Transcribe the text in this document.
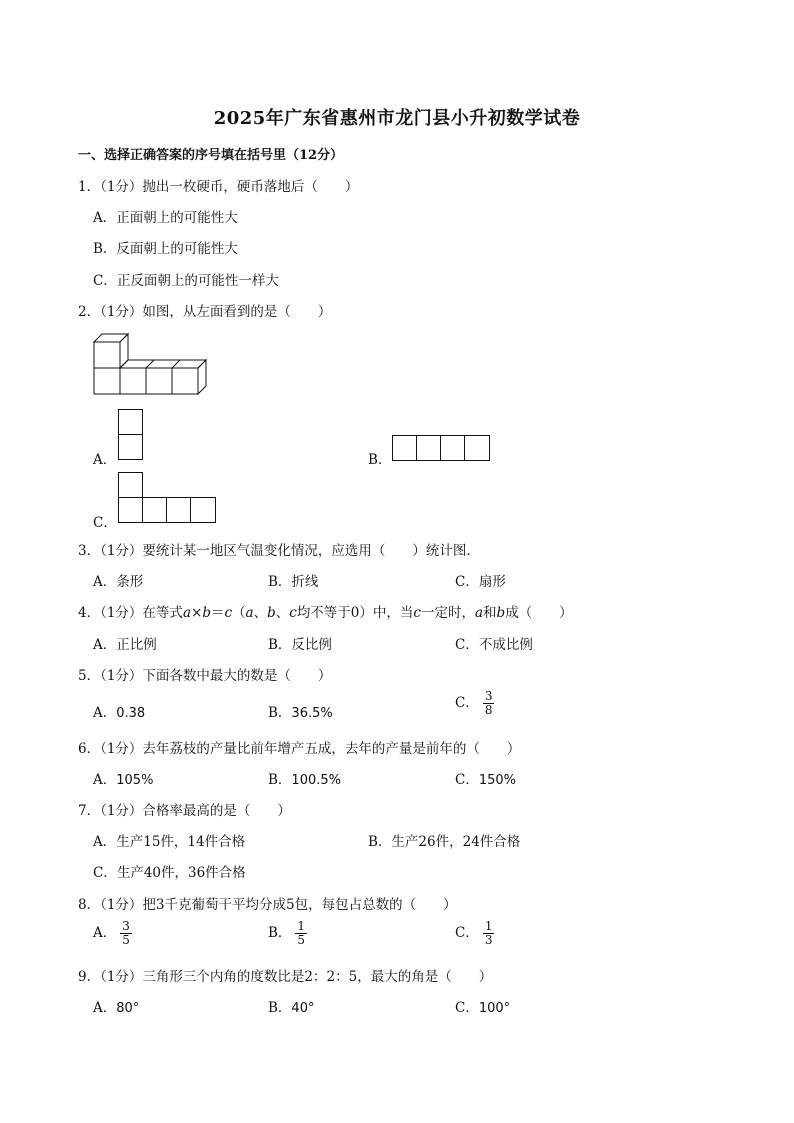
2025年广东省惠州市龙门县小升初数学试卷
一、选择正确答案的序号填在括号里（12分）
1．（1分）抛出一枚硬币，硬币落地后（　　）
A．正面朝上的可能性大
B．反面朝上的可能性大
C．正反面朝上的可能性一样大
2．（1分）如图，从左面看到的是（　　）
A．	B．
C．
3．（1分）要统计某一地区气温变化情况，应选用（　　）统计图．
A．条形	B．折线	C．扇形
4．（1分）在等式a×b＝c（a、b、c均不等于0）中，当c一定时，a和b成（　　）
A．正比例	B．反比例	C．不成比例
5．（1分）下面各数中最大的数是（　　）
A．0.38	B．36.5%
C． $\frac{3}{8}$
6．（1分）去年荔枝的产量比前年增产五成，去年的产量是前年的（　　）
A．105%	B．100.5%	C．150%
7．（1分）合格率最高的是（　　）
A．生产15件，14件合格	B．生产26件，24件合格
C．生产40件，36件合格
8．（1分）把3千克葡萄干平均分成5包，每包占总数的（　　）
A． $\frac{3}{5}$	B． $\frac{1}{5}$	C． $\frac{1}{3}$
9．（1分）三角形三个内角的度数比是2：2：5，最大的角是（　　）
A．80°	B．40°	C．100°
